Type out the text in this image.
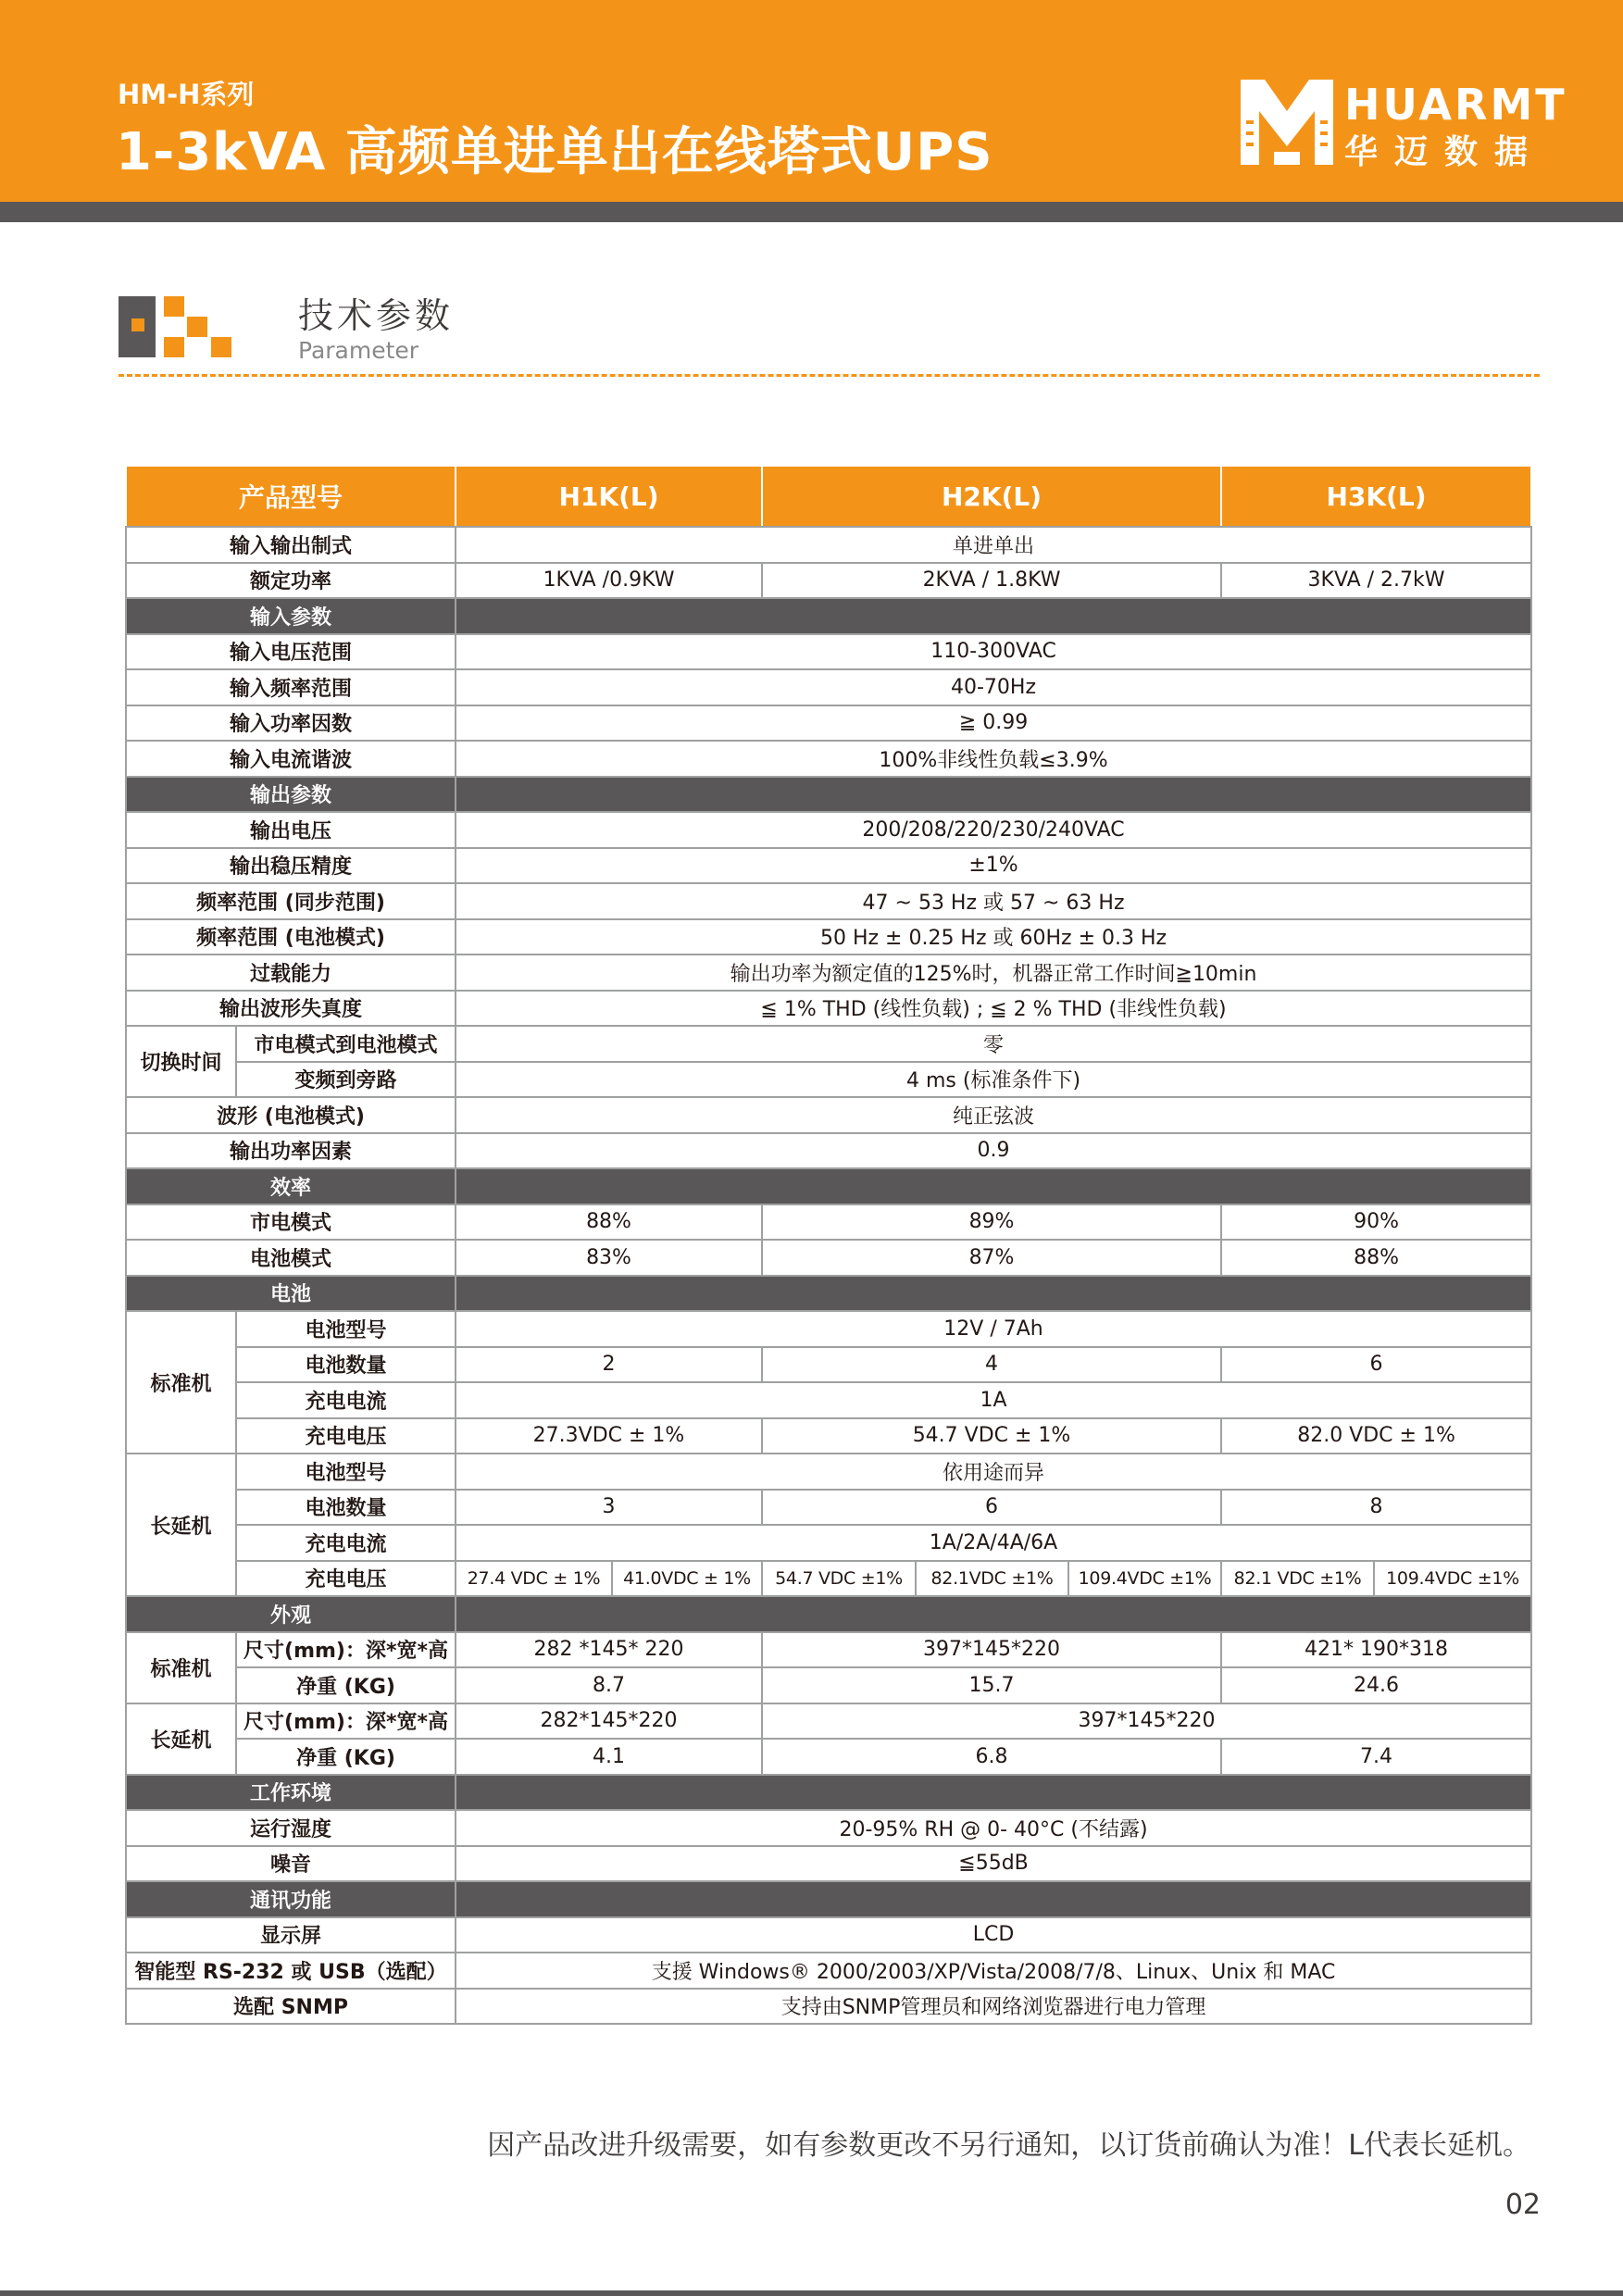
HM-H系列
1-3kVA 高频单进单出在线塔式UPS
HUARMT
华迈数据
技术参数
Parameter
产品型号		H1K(L)		H2K(L)			H3K(L)	
输入输出制式		单进单出						
额定功率		1KVA /0.9KW		2KVA / 1.8KW			3KVA / 2.7kW	
输入参数								
输入电压范围		110-300VAC						
输入频率范围		40-70Hz						
输入功率因数		≧ 0.99						
输入电流谐波		100%非线性负载≤3.9%						
输出参数								
输出电压		200/208/220/230/240VAC						
输出稳压精度		±1%						
频率范围 (同步范围)		47 ~ 53 Hz 或 57 ~ 63 Hz						
频率范围 (电池模式)		50 Hz ± 0.25 Hz 或 60Hz ± 0.3 Hz						
过载能力		输出功率为额定值的125%时，机器正常工作时间≧10min						
输出波形失真度		≦ 1% THD (线性负载) ; ≦ 2 % THD (非线性负载)						
切换时间	市电模式到电池模式	零						
	变频到旁路	4 ms (标准条件下)						
波形 (电池模式)		纯正弦波						
输出功率因素		0.9						
效率								
市电模式		88%		89%			90%	
电池模式		83%		87%			88%	
电池								
标准机	电池型号	12V / 7Ah						
	电池数量	2		4			6	
	充电电流	1A						
	充电电压	27.3VDC ± 1%		54.7 VDC ± 1%			82.0 VDC ± 1%	
长延机	电池型号	依用途而异						
	电池数量	3		6			8	
	充电电流	1A/2A/4A/6A						
	充电电压	27.4 VDC ± 1%	41.0VDC ± 1%	54.7 VDC ±1%	82.1VDC ±1%	109.4VDC ±1%	82.1 VDC ±1%	109.4VDC ±1%
外观								
标准机	尺寸(mm)：深*宽*高	282 *145* 220		397*145*220			421* 190*318	
	净重 (KG)	8.7		15.7			24.6	
长延机	尺寸(mm)：深*宽*高	282*145*220		397*145*220				
	净重 (KG)	4.1		6.8			7.4	
工作环境								
运行湿度		20-95% RH @ 0- 40°C (不结露)						
噪音		≦55dB						
通讯功能								
显示屏		LCD						
智能型 RS-232 或 USB（选配）		支援 Windows® 2000/2003/XP/Vista/2008/7/8、Linux、Unix 和 MAC						
选配 SNMP		支持由SNMP管理员和网络浏览器进行电力管理						
因产品改进升级需要，如有参数更改不另行通知，以订货前确认为准！L代表长延机。
02
